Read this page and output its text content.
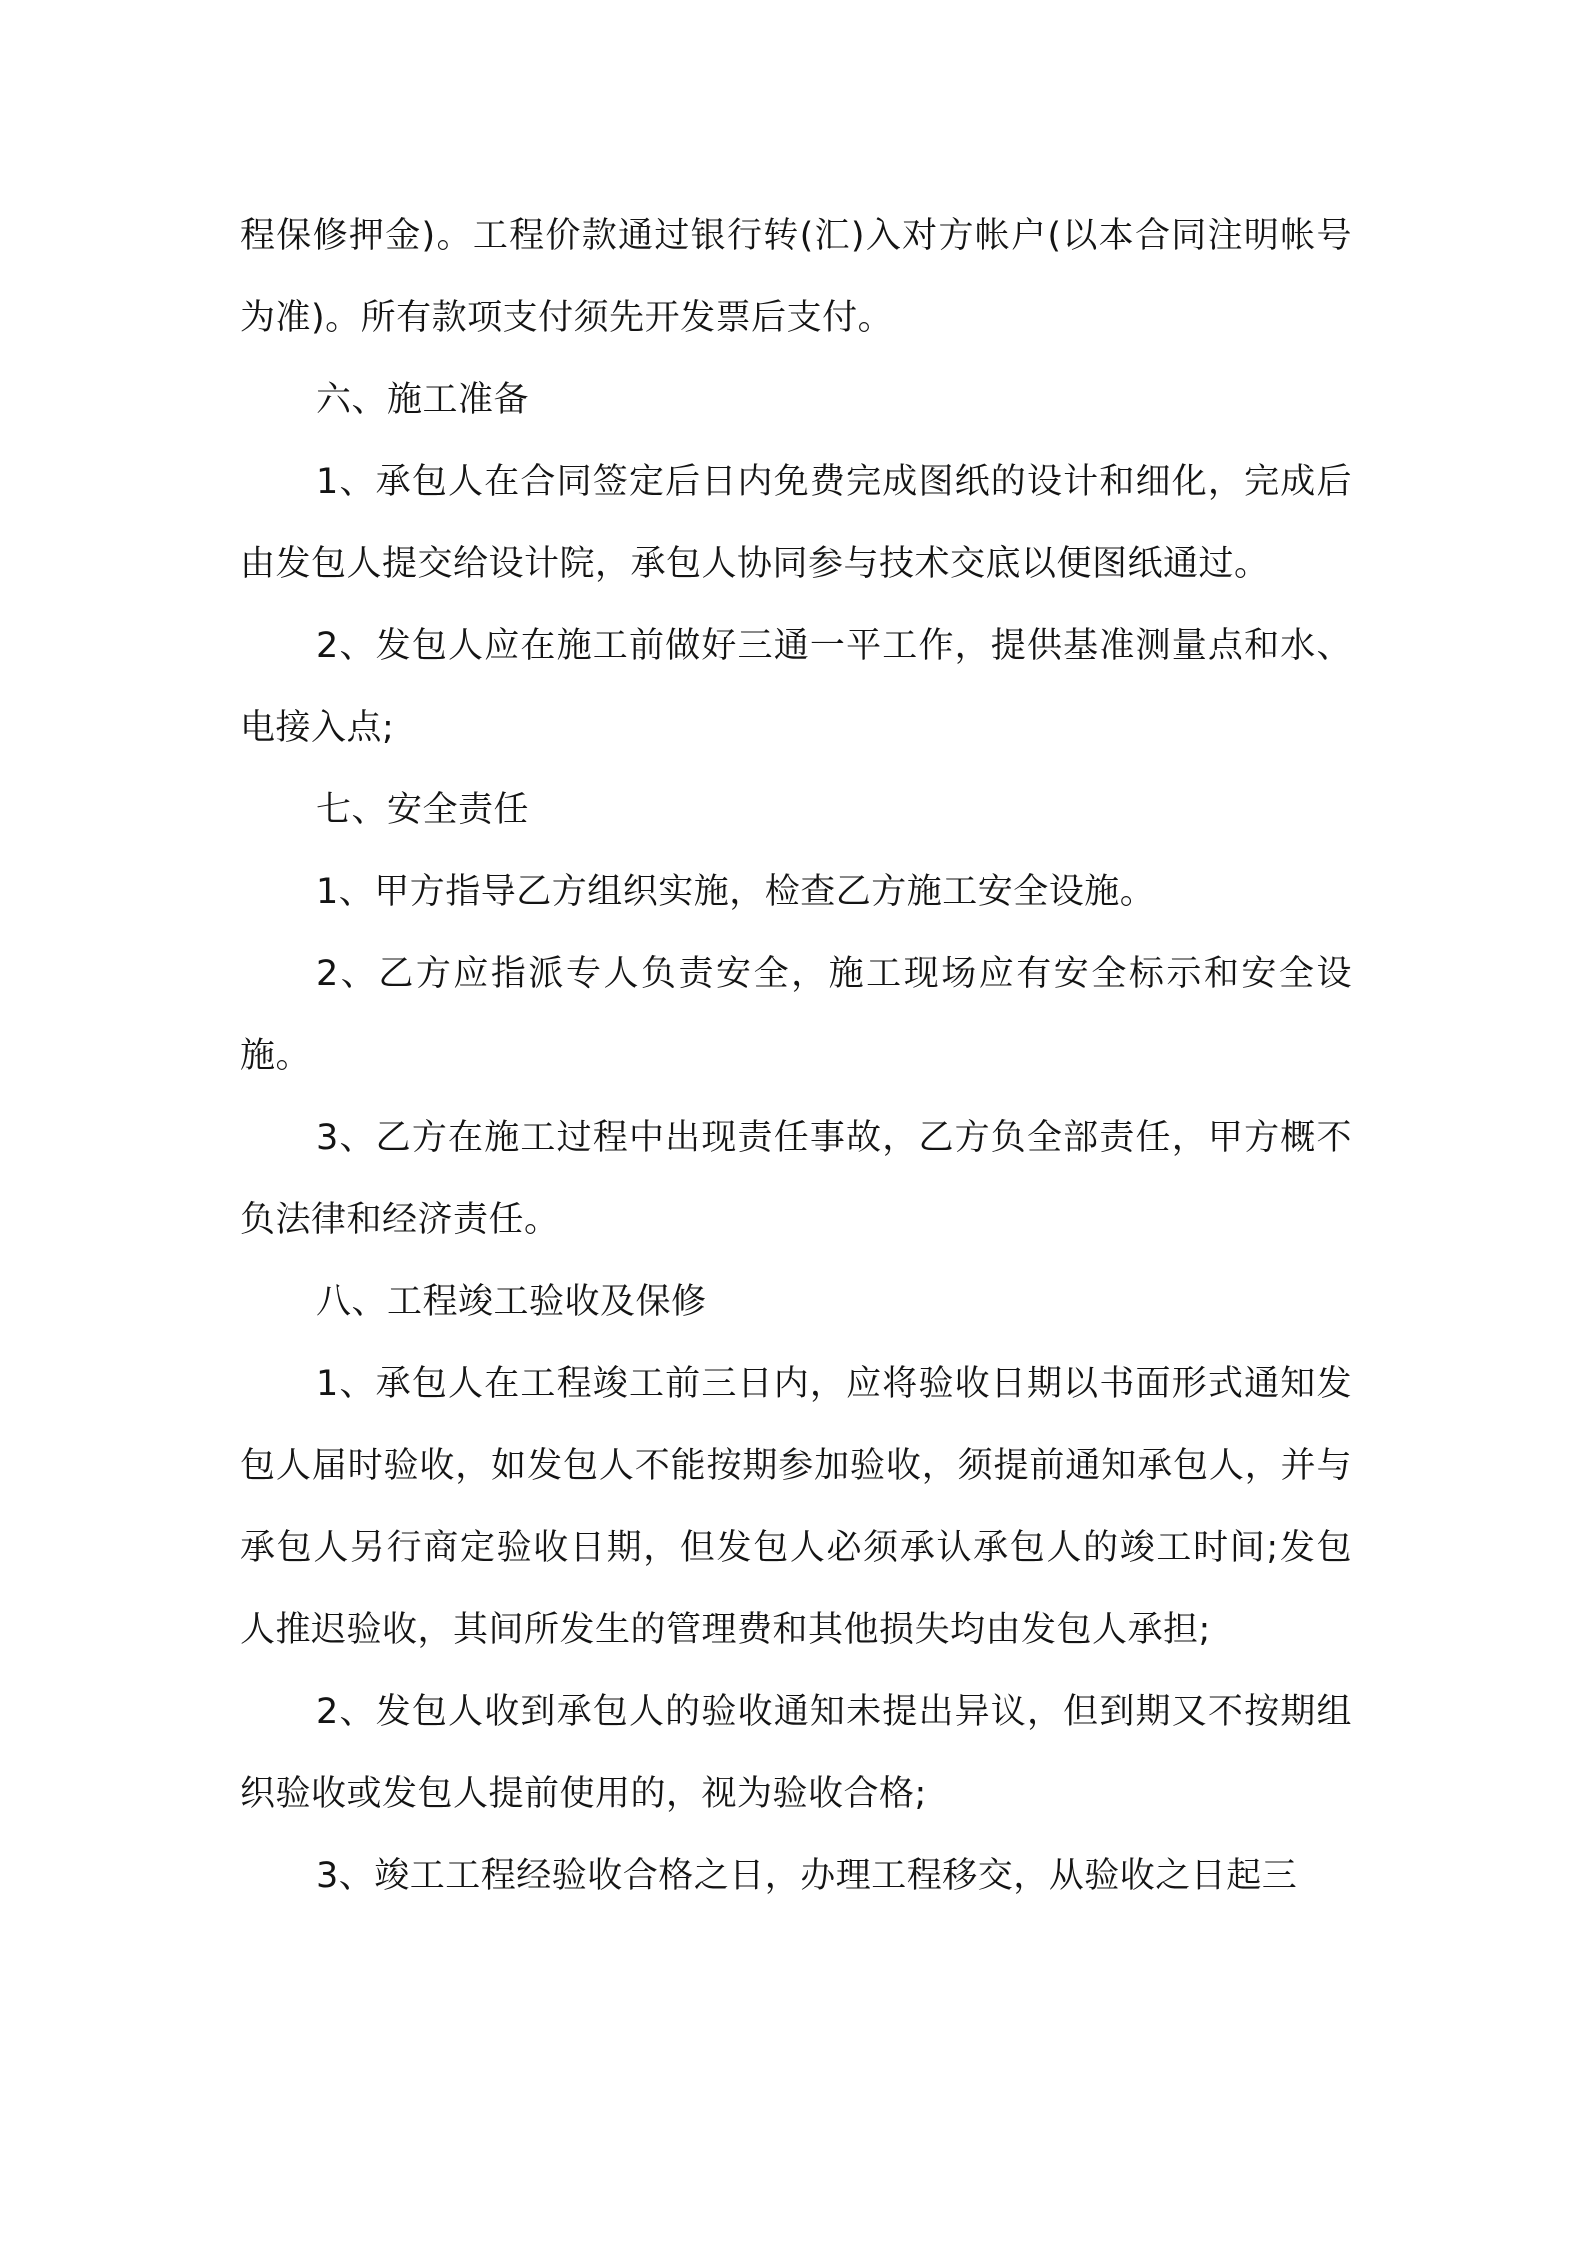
程保修押金)。工程价款通过银行转(汇)入对方帐户(以本合同注明帐号为准)。所有款项支付须先开发票后支付。

六、施工准备

1、承包人在合同签定后日内免费完成图纸的设计和细化，完成后由发包人提交给设计院，承包人协同参与技术交底以便图纸通过。

2、发包人应在施工前做好三通一平工作，提供基准测量点和水、电接入点;

七、安全责任

1、甲方指导乙方组织实施，检查乙方施工安全设施。

2、乙方应指派专人负责安全，施工现场应有安全标示和安全设施。

3、乙方在施工过程中出现责任事故，乙方负全部责任，甲方概不负法律和经济责任。

八、工程竣工验收及保修

1、承包人在工程竣工前三日内，应将验收日期以书面形式通知发包人届时验收，如发包人不能按期参加验收，须提前通知承包人，并与承包人另行商定验收日期，但发包人必须承认承包人的竣工时间;发包人推迟验收，其间所发生的管理费和其他损失均由发包人承担;

2、发包人收到承包人的验收通知未提出异议，但到期又不按期组织验收或发包人提前使用的，视为验收合格;

3、竣工工程经验收合格之日，办理工程移交，从验收之日起三
